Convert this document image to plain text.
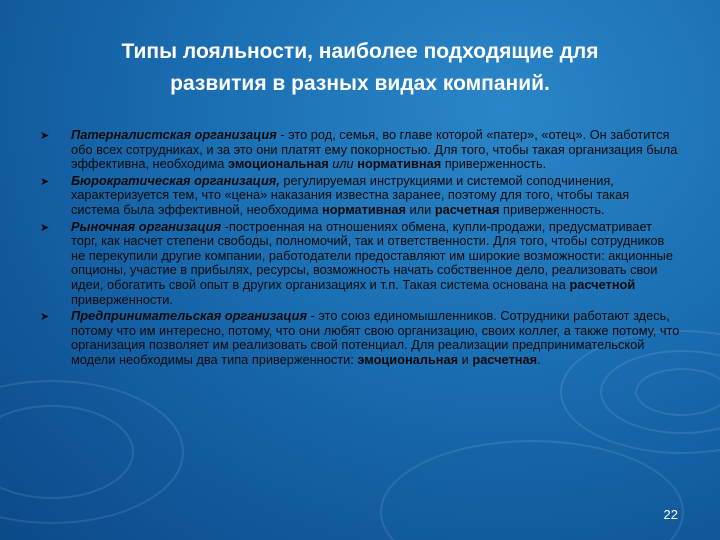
Типы лояльности, наиболее подходящие для
развития в разных видах компаний.
➤ Патерналистская организация - это род, семья, во главе которой «патер», «отец». Он заботится обо всех сотрудниках, и за это они платят ему покорностью. Для того, чтобы такая организация была эффективна, необходима эмоциональная или нормативная приверженность.
➤ Бюрократическая организация, регулируемая инструкциями и системой соподчинения, характеризуется тем, что «цена» наказания известна заранее, поэтому для того, чтобы такая система была эффективной, необходима нормативная или расчетная приверженность.
➤ Рыночная организация -построенная на отношениях обмена, купли-продажи, предусматривает торг, как насчет степени свободы, полномочий, так и ответственности. Для того, чтобы сотрудников не перекупили другие компании, работодатели предоставляют им широкие возможности: акционные опционы, участие в прибылях, ресурсы, возможность начать собственное дело, реализовать свои идеи, обогатить свой опыт в других организациях и т.п. Такая система основана на расчетной приверженности.
➤ Предпринимательская организация - это союз единомышленников. Сотрудники работают здесь, потому что им интересно, потому, что они любят свою организацию, своих коллег, а также потому, что организация позволяет им реализовать свой потенциал. Для реализации предпринимательской модели необходимы два типа приверженности: эмоциональная и расчетная.
22
